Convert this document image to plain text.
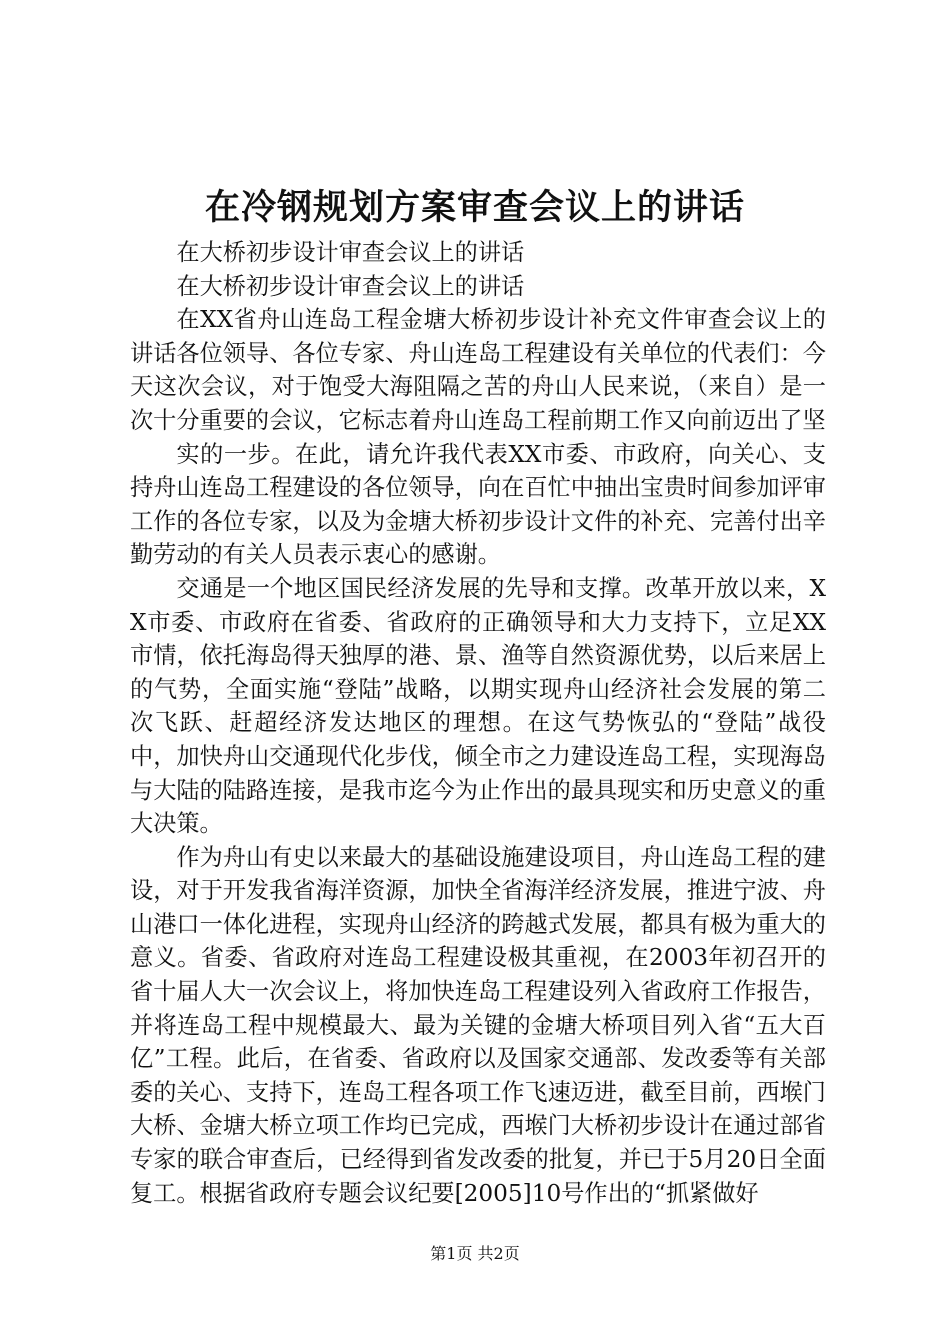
在冷钢规划方案审查会议上的讲话

在大桥初步设计审查会议上的讲话

在大桥初步设计审查会议上的讲话

在XX省舟山连岛工程金塘大桥初步设计补充文件审查会议上的讲话各位领导、各位专家、舟山连岛工程建设有关单位的代表们：今天这次会议，对于饱受大海阻隔之苦的舟山人民来说，（来自）是一次十分重要的会议，它标志着舟山连岛工程前期工作又向前迈出了坚

实的一步。在此，请允许我代表XX市委、市政府，向关心、支持舟山连岛工程建设的各位领导，向在百忙中抽出宝贵时间参加评审工作的各位专家，以及为金塘大桥初步设计文件的补充、完善付出辛勤劳动的有关人员表示衷心的感谢。

交通是一个地区国民经济发展的先导和支撑。改革开放以来，XX市委、市政府在省委、省政府的正确领导和大力支持下，立足XX市情，依托海岛得天独厚的港、景、渔等自然资源优势，以后来居上的气势，全面实施“登陆”战略，以期实现舟山经济社会发展的第二次飞跃、赶超经济发达地区的理想。在这气势恢弘的“登陆”战役中，加快舟山交通现代化步伐，倾全市之力建设连岛工程，实现海岛与大陆的陆路连接，是我市迄今为止作出的最具现实和历史意义的重大决策。

作为舟山有史以来最大的基础设施建设项目，舟山连岛工程的建设，对于开发我省海洋资源，加快全省海洋经济发展，推进宁波、舟山港口一体化进程，实现舟山经济的跨越式发展，都具有极为重大的意义。省委、省政府对连岛工程建设极其重视，在2003年初召开的省十届人大一次会议上，将加快连岛工程建设列入省政府工作报告，并将连岛工程中规模最大、最为关键的金塘大桥项目列入省“五大百亿”工程。此后，在省委、省政府以及国家交通部、发改委等有关部委的关心、支持下，连岛工程各项工作飞速迈进，截至目前，西堠门大桥、金塘大桥立项工作均已完成，西堠门大桥初步设计在通过部省专家的联合审查后，已经得到省发改委的批复，并已于5月20日全面复工。根据省政府专题会议纪要[2005]10号作出的“抓紧做好

第1页 共2页
